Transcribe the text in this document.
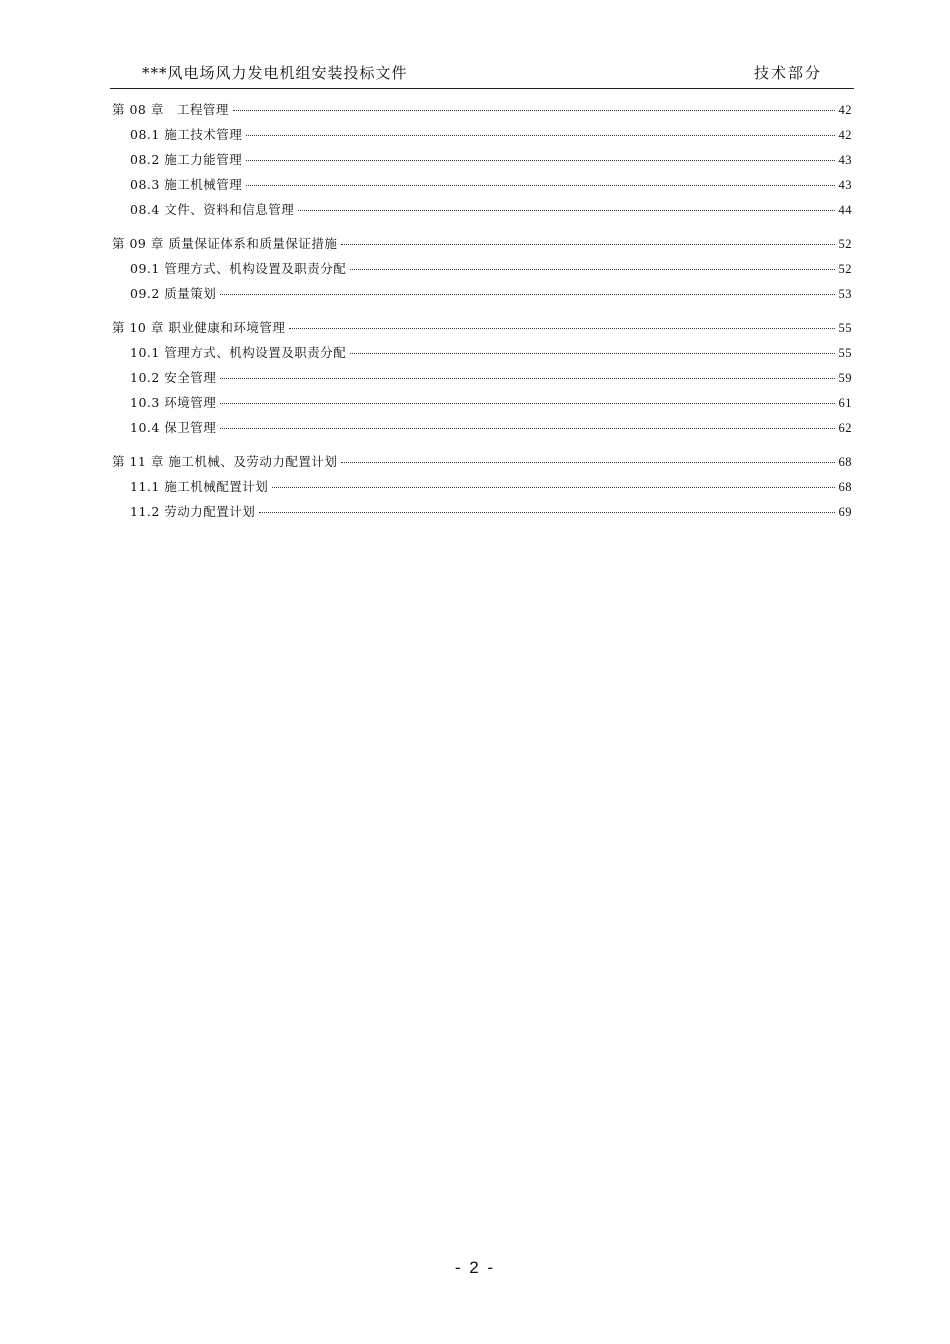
***风电场风力发电机组安装投标文件	技术部分
第 08 章　工程管理	42
08.1 施工技术管理	42
08.2 施工力能管理	43
08.3 施工机械管理	43
08.4 文件、资料和信息管理	44
第 09 章 质量保证体系和质量保证措施	52
09.1 管理方式、机构设置及职责分配	52
09.2 质量策划	53
第 10 章 职业健康和环境管理	55
10.1 管理方式、机构设置及职责分配	55
10.2 安全管理	59
10.3 环境管理	61
10.4 保卫管理	62
第 11 章 施工机械、及劳动力配置计划	68
11.1 施工机械配置计划	68
11.2 劳动力配置计划	69
- 2 -
